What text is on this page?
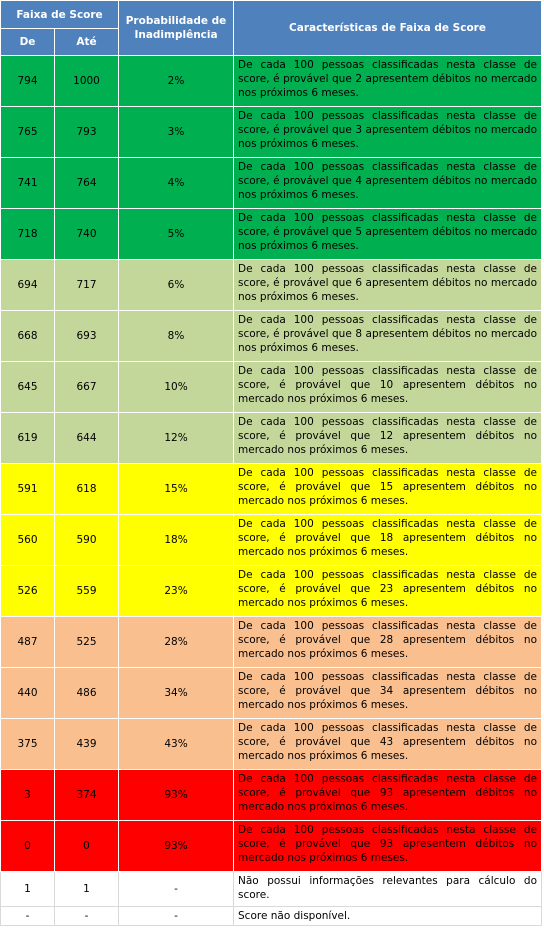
Faixa de Score		Probabilidade de Inadimplência	Características de Faixa de Score
De	Até		
794	1000	2%	De cada 100 pessoas classificadas nesta classe de score, é provável que 2 apresentem débitos no mercado nos próximos 6 meses.
765	793	3%	De cada 100 pessoas classificadas nesta classe de score, é provável que 3 apresentem débitos no mercado nos próximos 6 meses.
741	764	4%	De cada 100 pessoas classificadas nesta classe de score, é provável que 4 apresentem débitos no mercado nos próximos 6 meses.
718	740	5%	De cada 100 pessoas classificadas nesta classe de score, é provável que 5 apresentem débitos no mercado nos próximos 6 meses.
694	717	6%	De cada 100 pessoas classificadas nesta classe de score, é provável que 6 apresentem débitos no mercado nos próximos 6 meses.
668	693	8%	De cada 100 pessoas classificadas nesta classe de score, é provável que 8 apresentem débitos no mercado nos próximos 6 meses.
645	667	10%	De cada 100 pessoas classificadas nesta classe de score, é provável que 10 apresentem débitos no mercado nos próximos 6 meses.
619	644	12%	De cada 100 pessoas classificadas nesta classe de score, é provável que 12 apresentem débitos no mercado nos próximos 6 meses.
591	618	15%	De cada 100 pessoas classificadas nesta classe de score, é provável que 15 apresentem débitos no mercado nos próximos 6 meses.
560	590	18%	De cada 100 pessoas classificadas nesta classe de score, é provável que 18 apresentem débitos no mercado nos próximos 6 meses.
526	559	23%	De cada 100 pessoas classificadas nesta classe de score, é provável que 23 apresentem débitos no mercado nos próximos 6 meses.
487	525	28%	De cada 100 pessoas classificadas nesta classe de score, é provável que 28 apresentem débitos no mercado nos próximos 6 meses.
440	486	34%	De cada 100 pessoas classificadas nesta classe de score, é provável que 34 apresentem débitos no mercado nos próximos 6 meses.
375	439	43%	De cada 100 pessoas classificadas nesta classe de score, é provável que 43 apresentem débitos no mercado nos próximos 6 meses.
3	374	93%	De cada 100 pessoas classificadas nesta classe de score, é provável que 93 apresentem débitos no mercado nos próximos 6 meses.
0	0	93%	De cada 100 pessoas classificadas nesta classe de score, é provável que 93 apresentem débitos no mercado nos próximos 6 meses.
1	1	-	Não possui informações relevantes para cálculo do score.
-	-	-	Score não disponível.
